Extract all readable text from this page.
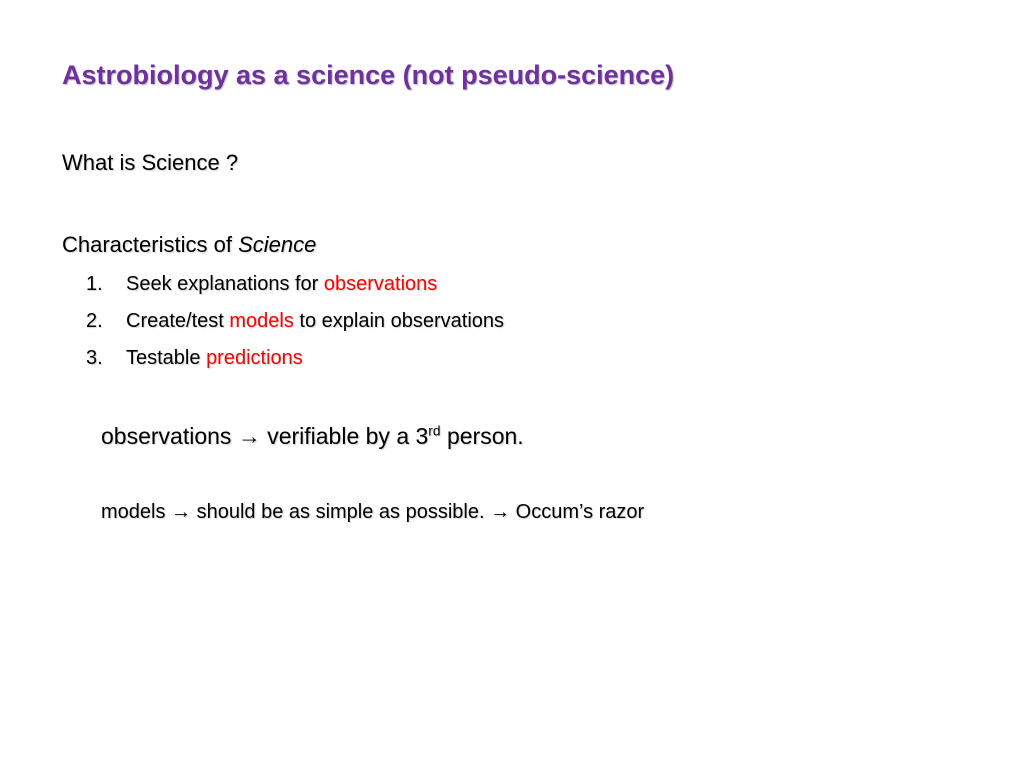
Astrobiology as a science (not pseudo-science)
What is Science ?
Characteristics of Science
1. Seek explanations for observations
2. Create/test models to explain observations
3. Testable predictions
observations → verifiable by a 3rd person.
models → should be as simple as possible. → Occum’s razor
